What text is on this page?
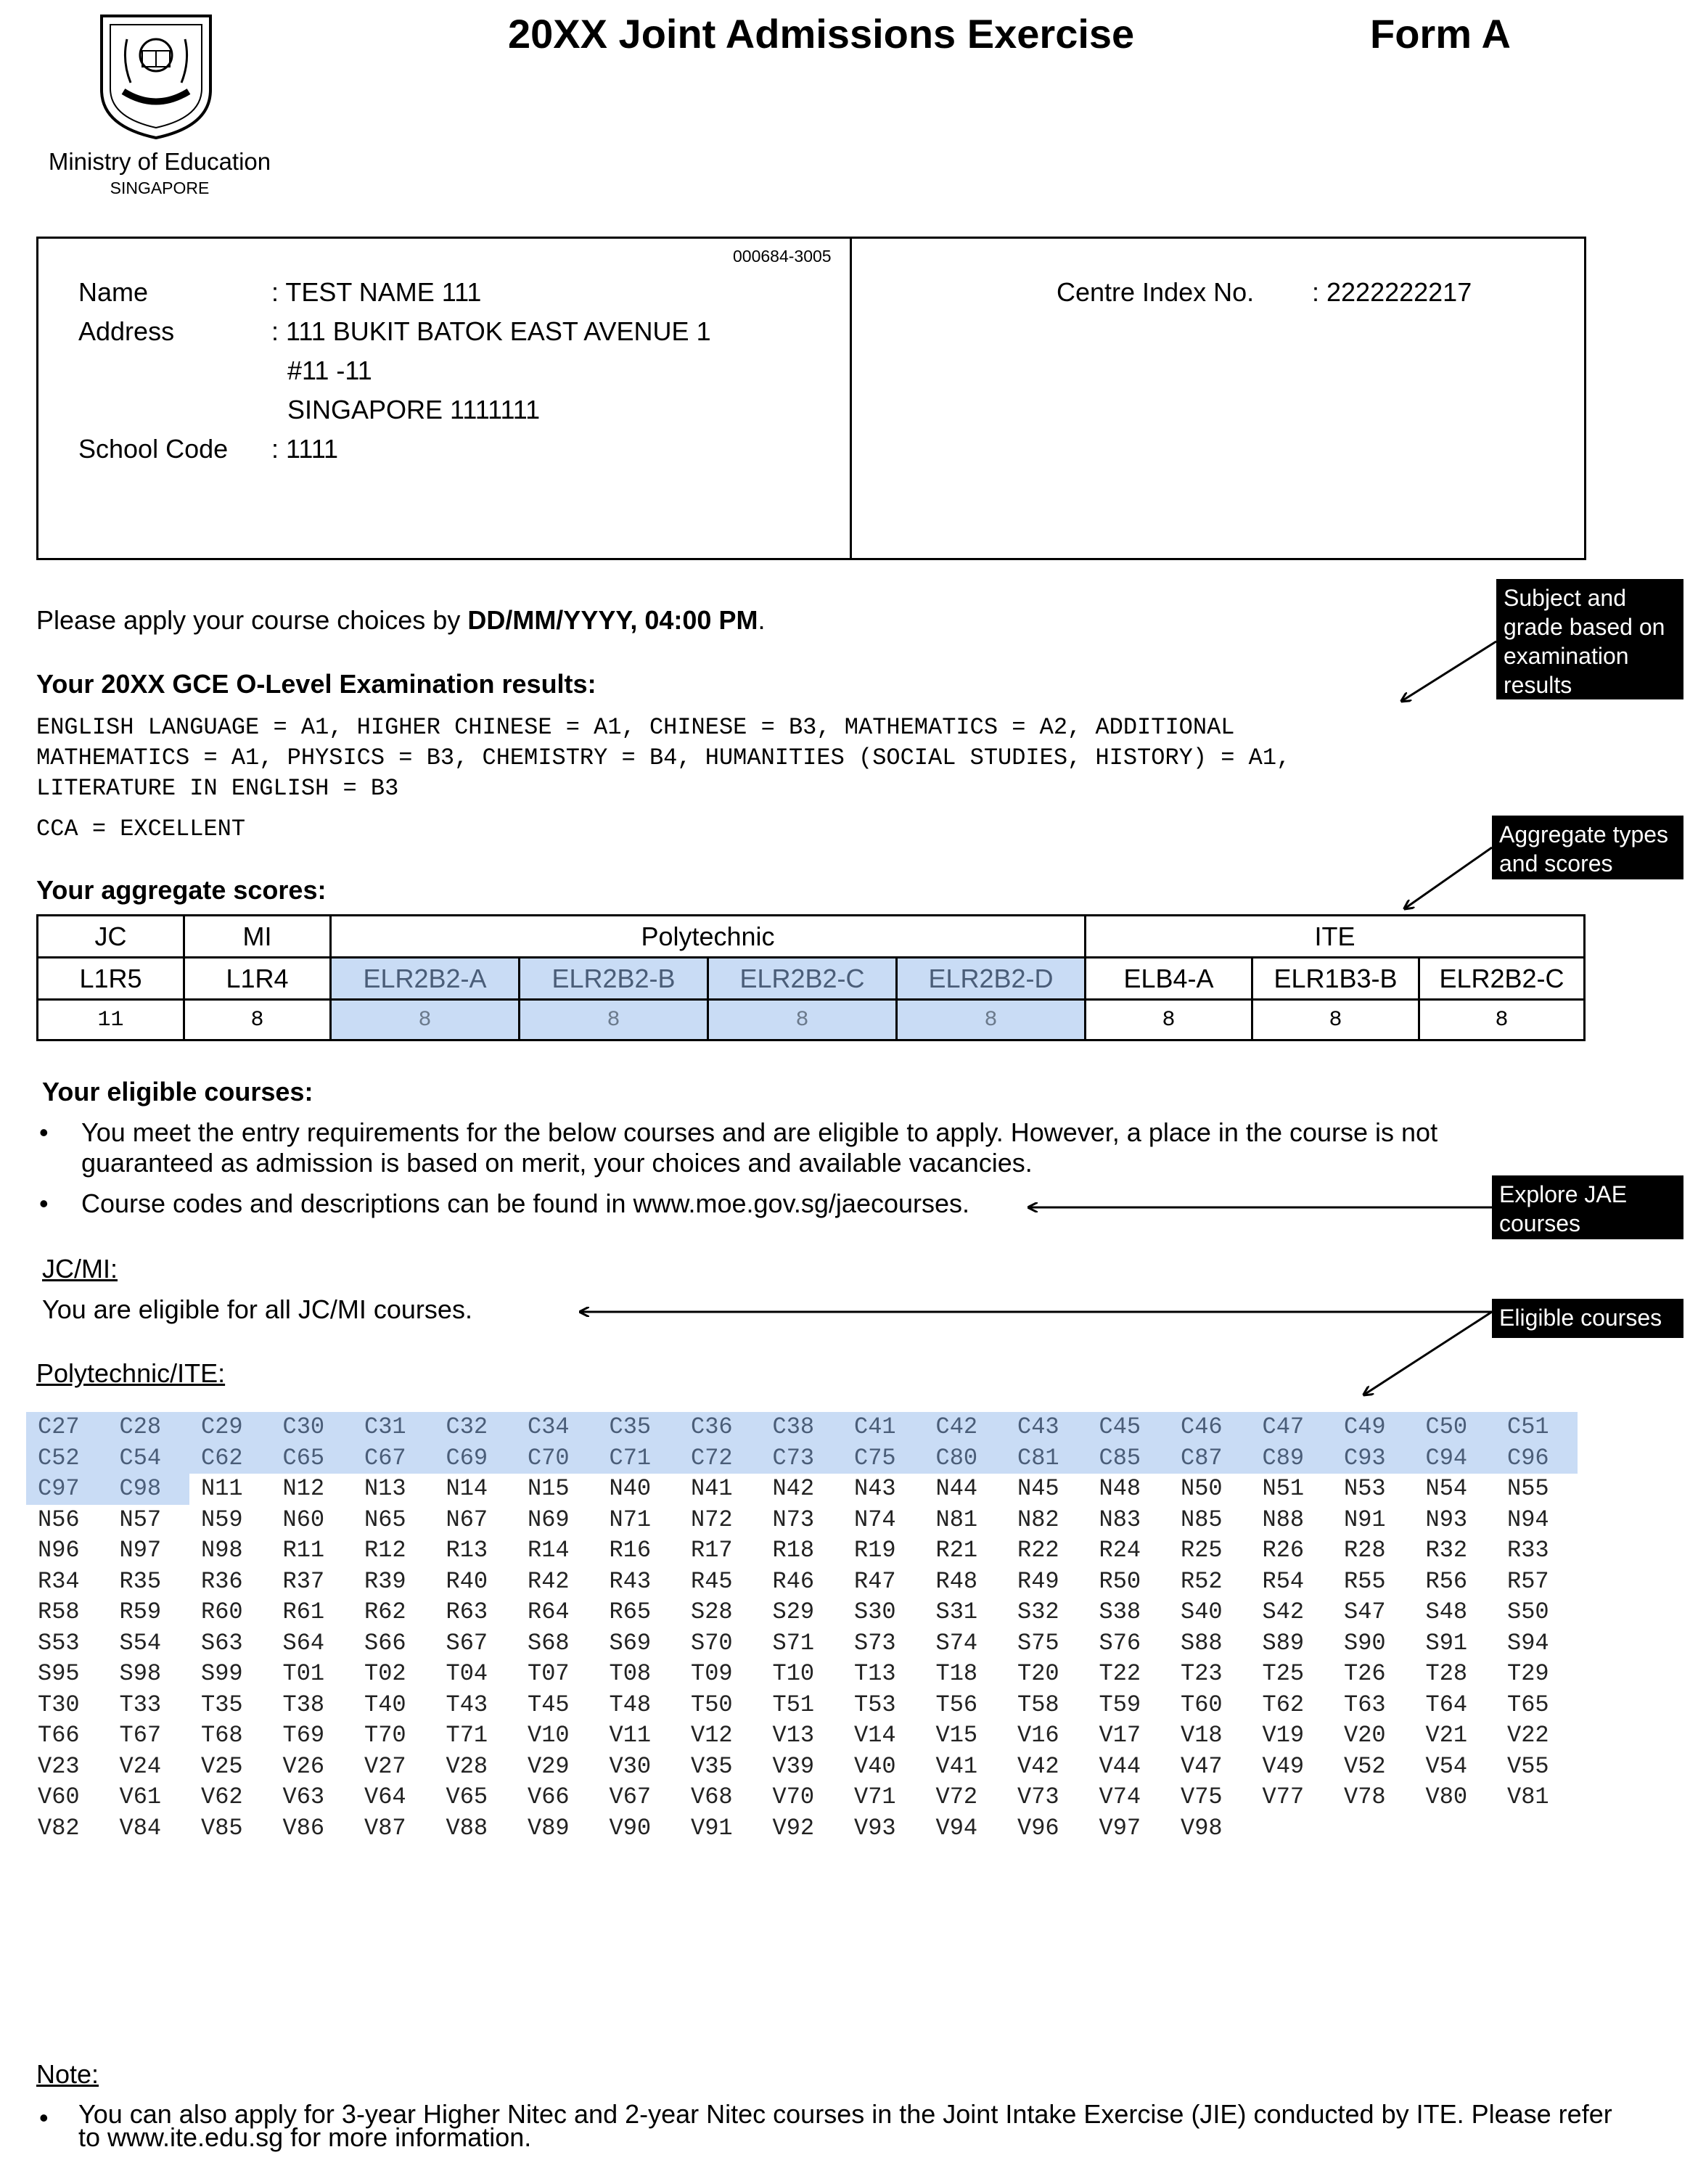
Ministry of Education
SINGAPORE
20XX Joint Admissions Exercise	Form A
000684-3005
Name	: TEST NAME 111
Address	: 111 BUKIT BATOK EAST AVENUE 1
#11 -11
SINGAPORE 1111111
School Code : 1111
Centre Index No. : 2222222217
Please apply your course choices by DD/MM/YYYY, 04:00 PM.
Your 20XX GCE O-Level Examination results:
ENGLISH LANGUAGE = A1, HIGHER CHINESE = A1, CHINESE = B3, MATHEMATICS = A2, ADDITIONAL
MATHEMATICS = A1, PHYSICS = B3, CHEMISTRY = B4, HUMANITIES (SOCIAL STUDIES, HISTORY) = A1,
LITERATURE IN ENGLISH = B3
CCA = EXCELLENT
Your aggregate scores:
JC	MI	Polytechnic				ITE		
L1R5	L1R4	ELR2B2-A	ELR2B2-B	ELR2B2-C	ELR2B2-D	ELB4-A	ELR1B3-B	ELR2B2-C
11	8	8	8	8	8	8	8	8
Your eligible courses:
• You meet the entry requirements for the below courses and are eligible to apply. However, a place in the course is not guaranteed as admission is based on merit, your choices and available vacancies.
• Course codes and descriptions can be found in www.moe.gov.sg/jaecourses.
JC/MI:
You are eligible for all JC/MI courses.
Polytechnic/ITE:
C27	C28	C29	C30	C31	C32	C34	C35	C36	C38	C41	C42	C43	C45	C46	C47	C49	C50	C51
C52	C54	C62	C65	C67	C69	C70	C71	C72	C73	C75	C80	C81	C85	C87	C89	C93	C94	C96
C97	C98	N11	N12	N13	N14	N15	N40	N41	N42	N43	N44	N45	N48	N50	N51	N53	N54	N55
N56	N57	N59	N60	N65	N67	N69	N71	N72	N73	N74	N81	N82	N83	N85	N88	N91	N93	N94
N96	N97	N98	R11	R12	R13	R14	R16	R17	R18	R19	R21	R22	R24	R25	R26	R28	R32	R33
R34	R35	R36	R37	R39	R40	R42	R43	R45	R46	R47	R48	R49	R50	R52	R54	R55	R56	R57
R58	R59	R60	R61	R62	R63	R64	R65	S28	S29	S30	S31	S32	S38	S40	S42	S47	S48	S50
S53	S54	S63	S64	S66	S67	S68	S69	S70	S71	S73	S74	S75	S76	S88	S89	S90	S91	S94
S95	S98	S99	T01	T02	T04	T07	T08	T09	T10	T13	T18	T20	T22	T23	T25	T26	T28	T29
T30	T33	T35	T38	T40	T43	T45	T48	T50	T51	T53	T56	T58	T59	T60	T62	T63	T64	T65
T66	T67	T68	T69	T70	T71	V10	V11	V12	V13	V14	V15	V16	V17	V18	V19	V20	V21	V22
V23	V24	V25	V26	V27	V28	V29	V30	V35	V39	V40	V41	V42	V44	V47	V49	V52	V54	V55
V60	V61	V62	V63	V64	V65	V66	V67	V68	V70	V71	V72	V73	V74	V75	V77	V78	V80	V81
V82	V84	V85	V86	V87	V88	V89	V90	V91	V92	V93	V94	V96	V97	V98
Subject and grade based on examination results
Aggregate types and scores
Explore JAE courses
Eligible courses
Note:
• You can also apply for 3-year Higher Nitec and 2-year Nitec courses in the Joint Intake Exercise (JIE) conducted by ITE. Please refer to www.ite.edu.sg for more information.
